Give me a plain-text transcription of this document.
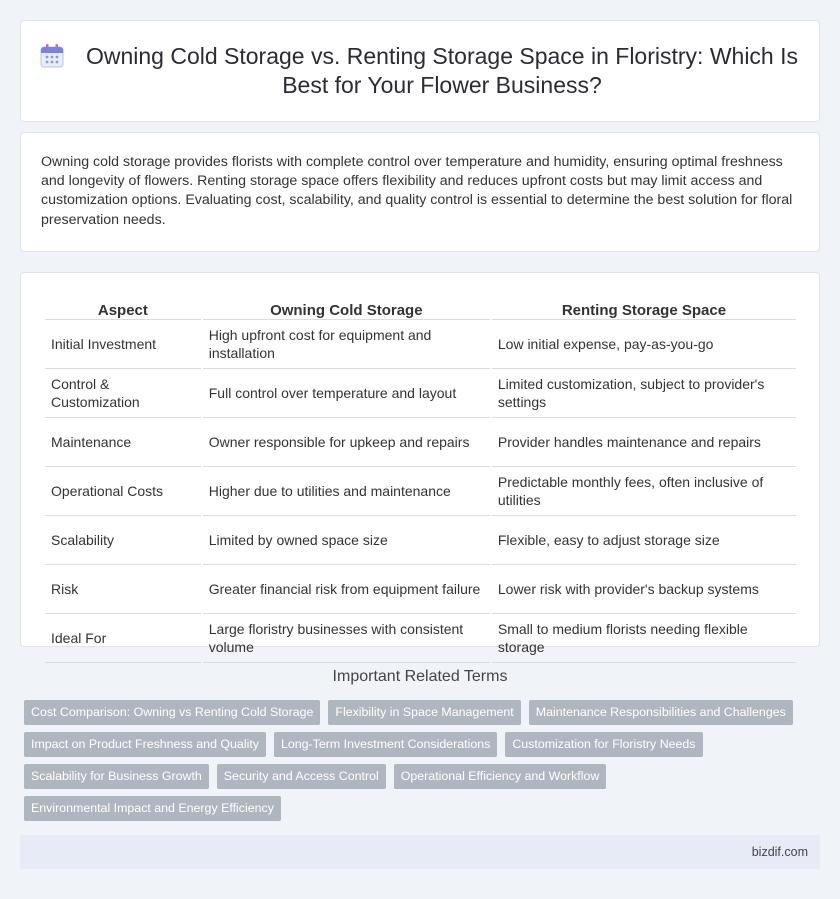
Owning Cold Storage vs. Renting Storage Space in Floristry: Which Is Best for Your Flower Business?

Owning cold storage provides florists with complete control over temperature and humidity, ensuring optimal freshness and longevity of flowers. Renting storage space offers flexibility and reduces upfront costs but may limit access and customization options. Evaluating cost, scalability, and quality control is essential to determine the best solution for floral preservation needs.

Aspect	Owning Cold Storage	Renting Storage Space
Initial Investment	High upfront cost for equipment and installation	Low initial expense, pay-as-you-go
Control & Customization	Full control over temperature and layout	Limited customization, subject to provider's settings
Maintenance	Owner responsible for upkeep and repairs	Provider handles maintenance and repairs
Operational Costs	Higher due to utilities and maintenance	Predictable monthly fees, often inclusive of utilities
Scalability	Limited by owned space size	Flexible, easy to adjust storage size
Risk	Greater financial risk from equipment failure	Lower risk with provider's backup systems
Ideal For	Large floristry businesses with consistent volume	Small to medium florists needing flexible storage
Important Related Terms
Cost Comparison: Owning vs Renting Cold Storage	Flexibility in Space Management	Maintenance Responsibilities and Challenges
Impact on Product Freshness and Quality	Long-Term Investment Considerations	Customization for Floristry Needs
Scalability for Business Growth	Security and Access Control	Operational Efficiency and Workflow
Environmental Impact and Energy Efficiency
bizdif.com
